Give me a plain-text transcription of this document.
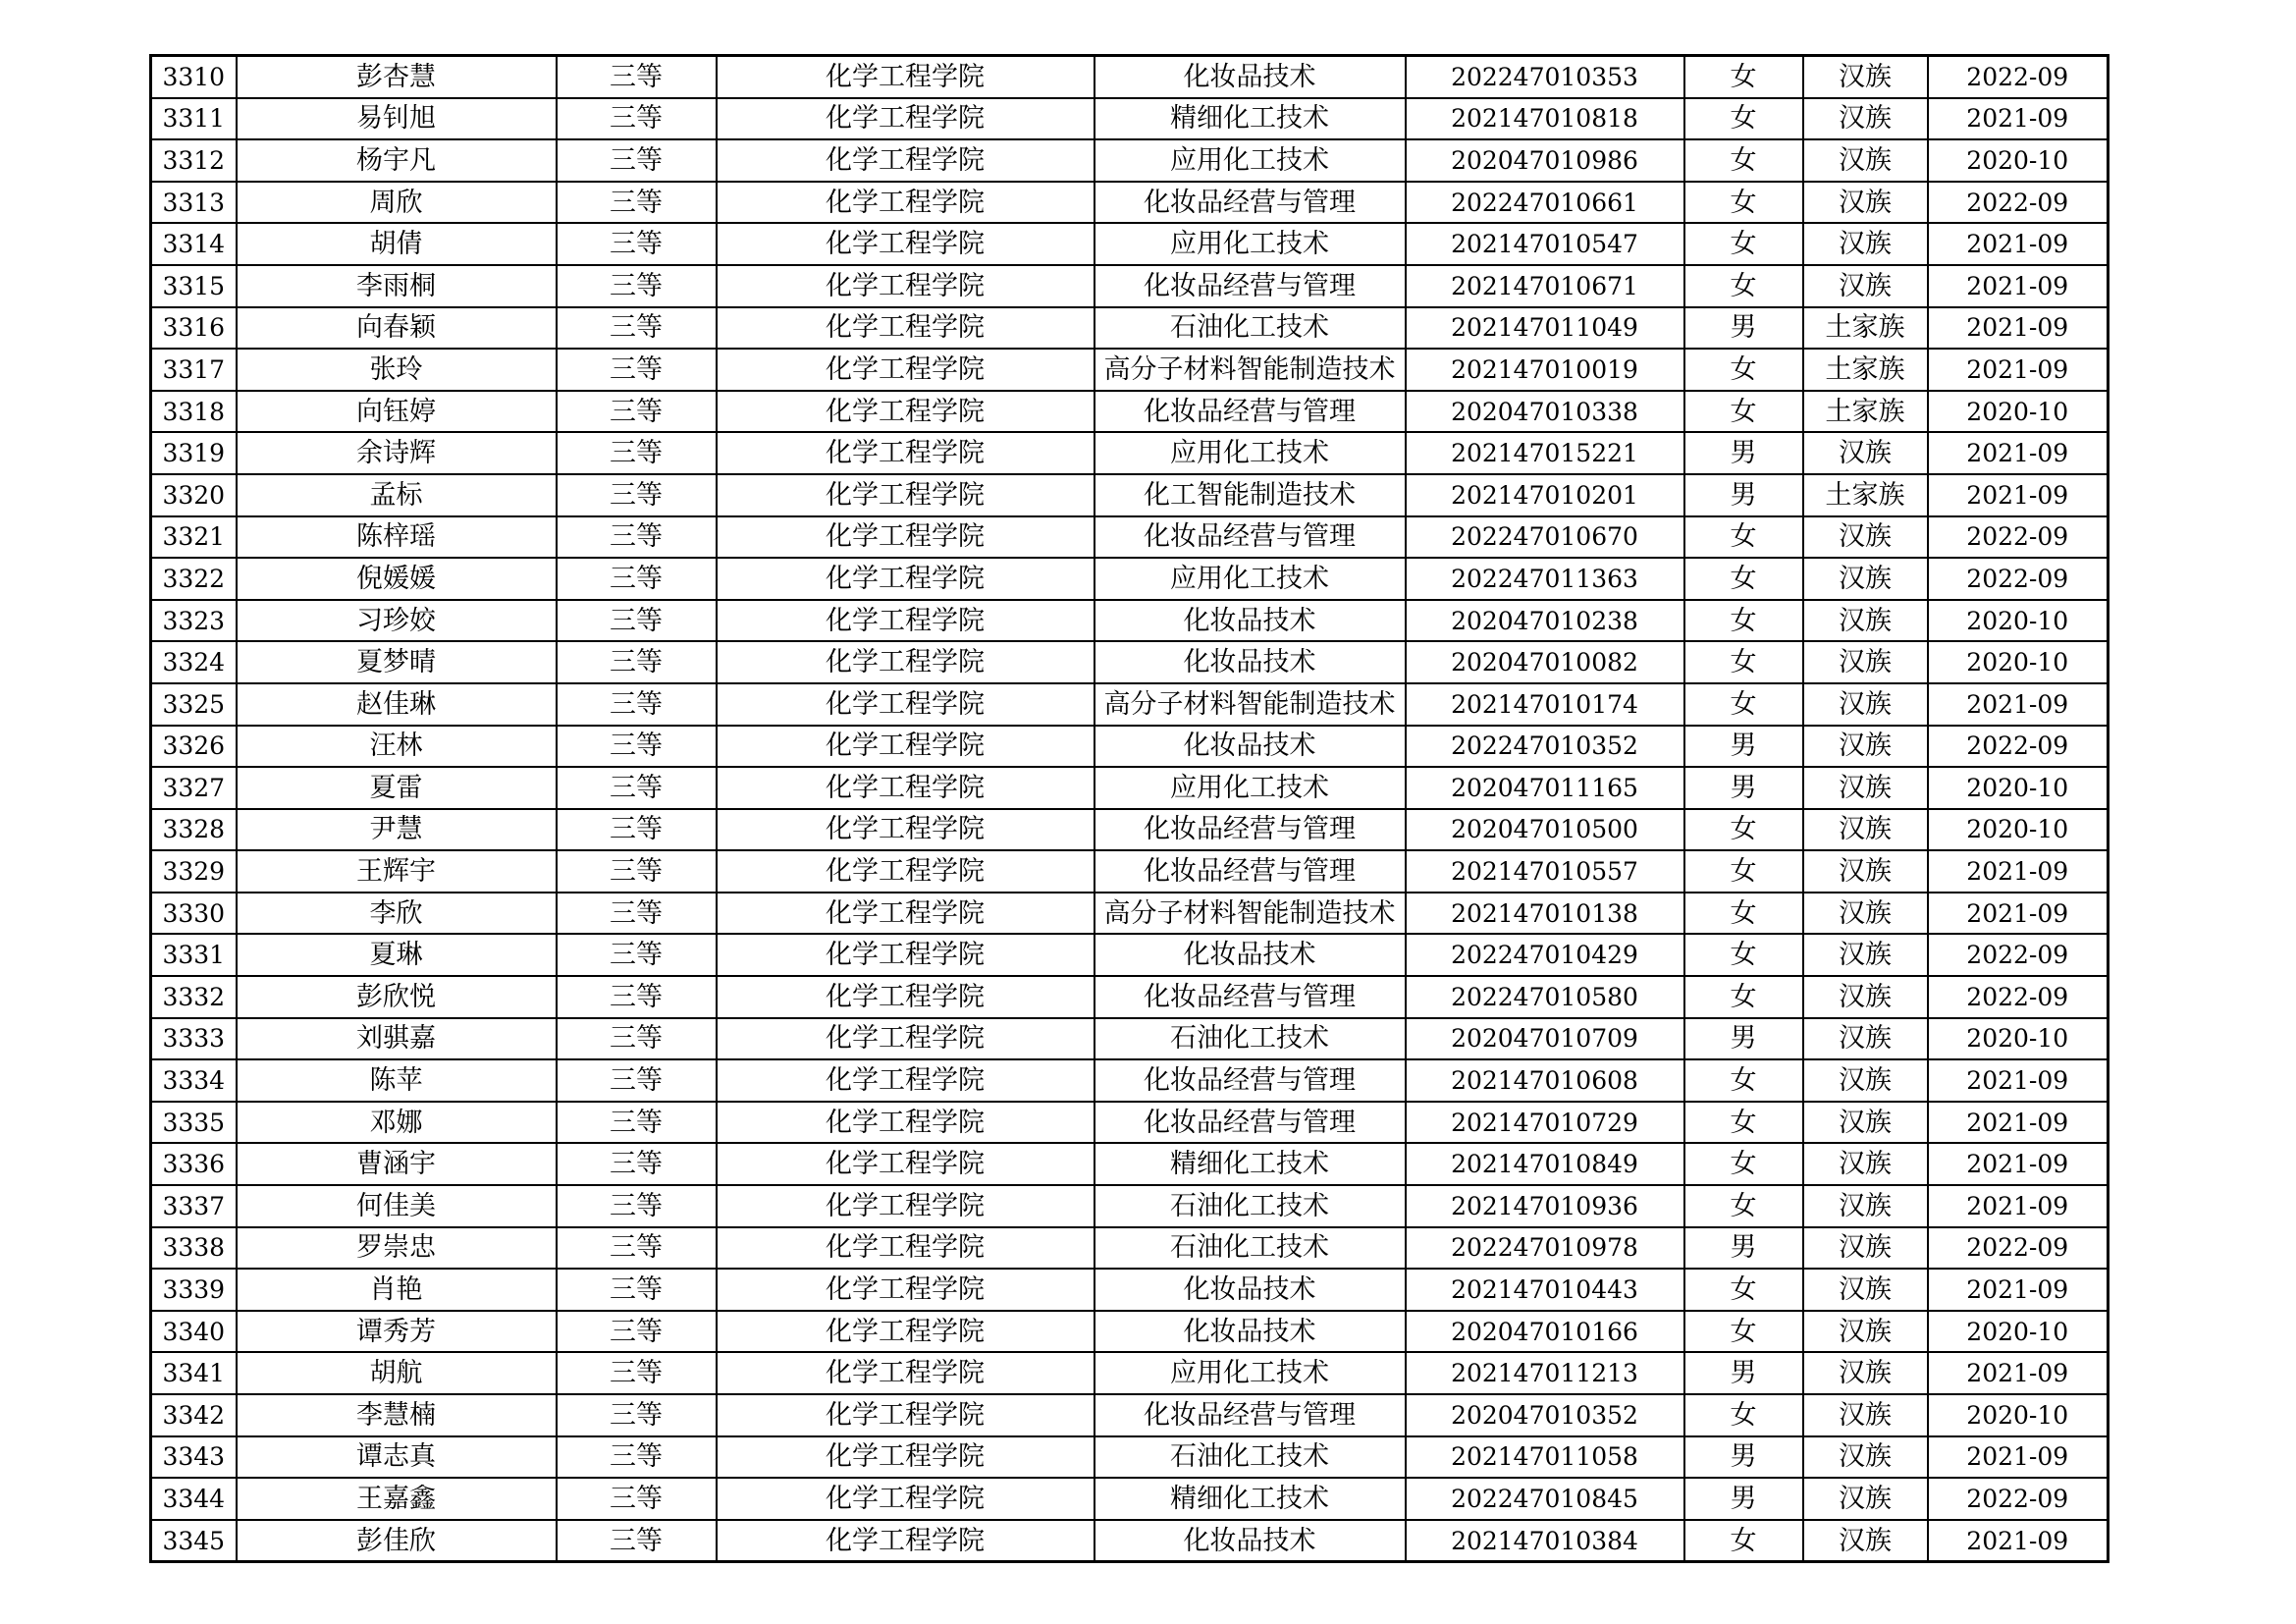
3310	彭杏慧	三等	化学工程学院	化妆品技术	202247010353	女	汉族	2022-09
3311	易钊旭	三等	化学工程学院	精细化工技术	202147010818	女	汉族	2021-09
3312	杨宇凡	三等	化学工程学院	应用化工技术	202047010986	女	汉族	2020-10
3313	周欣	三等	化学工程学院	化妆品经营与管理	202247010661	女	汉族	2022-09
3314	胡倩	三等	化学工程学院	应用化工技术	202147010547	女	汉族	2021-09
3315	李雨桐	三等	化学工程学院	化妆品经营与管理	202147010671	女	汉族	2021-09
3316	向春颖	三等	化学工程学院	石油化工技术	202147011049	男	土家族	2021-09
3317	张玲	三等	化学工程学院	高分子材料智能制造技术	202147010019	女	土家族	2021-09
3318	向钰婷	三等	化学工程学院	化妆品经营与管理	202047010338	女	土家族	2020-10
3319	余诗辉	三等	化学工程学院	应用化工技术	202147015221	男	汉族	2021-09
3320	孟标	三等	化学工程学院	化工智能制造技术	202147010201	男	土家族	2021-09
3321	陈梓瑶	三等	化学工程学院	化妆品经营与管理	202247010670	女	汉族	2022-09
3322	倪媛媛	三等	化学工程学院	应用化工技术	202247011363	女	汉族	2022-09
3323	习珍姣	三等	化学工程学院	化妆品技术	202047010238	女	汉族	2020-10
3324	夏梦晴	三等	化学工程学院	化妆品技术	202047010082	女	汉族	2020-10
3325	赵佳琳	三等	化学工程学院	高分子材料智能制造技术	202147010174	女	汉族	2021-09
3326	汪林	三等	化学工程学院	化妆品技术	202247010352	男	汉族	2022-09
3327	夏雷	三等	化学工程学院	应用化工技术	202047011165	男	汉族	2020-10
3328	尹慧	三等	化学工程学院	化妆品经营与管理	202047010500	女	汉族	2020-10
3329	王辉宇	三等	化学工程学院	化妆品经营与管理	202147010557	女	汉族	2021-09
3330	李欣	三等	化学工程学院	高分子材料智能制造技术	202147010138	女	汉族	2021-09
3331	夏琳	三等	化学工程学院	化妆品技术	202247010429	女	汉族	2022-09
3332	彭欣悦	三等	化学工程学院	化妆品经营与管理	202247010580	女	汉族	2022-09
3333	刘骐嘉	三等	化学工程学院	石油化工技术	202047010709	男	汉族	2020-10
3334	陈苹	三等	化学工程学院	化妆品经营与管理	202147010608	女	汉族	2021-09
3335	邓娜	三等	化学工程学院	化妆品经营与管理	202147010729	女	汉族	2021-09
3336	曹涵宇	三等	化学工程学院	精细化工技术	202147010849	女	汉族	2021-09
3337	何佳美	三等	化学工程学院	石油化工技术	202147010936	女	汉族	2021-09
3338	罗崇忠	三等	化学工程学院	石油化工技术	202247010978	男	汉族	2022-09
3339	肖艳	三等	化学工程学院	化妆品技术	202147010443	女	汉族	2021-09
3340	谭秀芳	三等	化学工程学院	化妆品技术	202047010166	女	汉族	2020-10
3341	胡航	三等	化学工程学院	应用化工技术	202147011213	男	汉族	2021-09
3342	李慧楠	三等	化学工程学院	化妆品经营与管理	202047010352	女	汉族	2020-10
3343	谭志真	三等	化学工程学院	石油化工技术	202147011058	男	汉族	2021-09
3344	王嘉鑫	三等	化学工程学院	精细化工技术	202247010845	男	汉族	2022-09
3345	彭佳欣	三等	化学工程学院	化妆品技术	202147010384	女	汉族	2021-09
